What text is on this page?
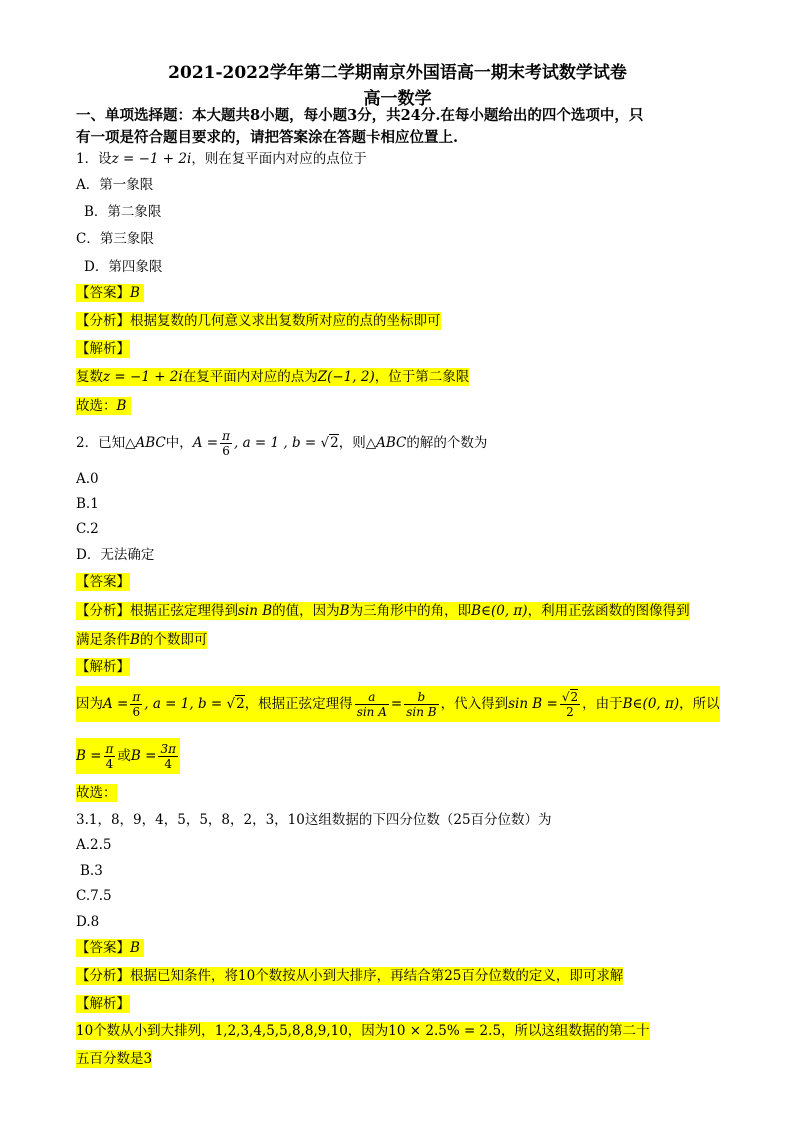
2021-2022学年第二学期南京外国语高一期末考试数学试卷
高一数学
一、单项选择题：本大题共8小题，每小题3分，共24分.在每小题给出的四个选项中，只
有一项是符合题目要求的，请把答案涂在答题卡相应位置上.
1．设z = −1 + 2i，则在复平面内对应的点位于
A．第一象限
B．第二象限
C．第三象限
D．第四象限
【答案】B
【分析】根据复数的几何意义求出复数所对应的点的坐标即可
【解析】
复数z = −1 + 2i在复平面内对应的点为Z(−1, 2)，位于第二象限
故选：B
2．已知△ABC中，$A = \frac{\pi}{6}$ , a = 1 , b = √2，则△ABC的解的个数为
A.0
B.1
C.2
D．无法确定
【答案】
【分析】根据正弦定理得到sin B的值，因为B为三角形中的角，即B∈(0, π)，利用正弦函数的图像得到
满足条件B的个数即可
【解析】
因为$A = \frac{\pi}{6}$ , a = 1, b = √2，根据正弦定理得 $\frac{a}{\text{sin A}} = \frac{b}{\text{sin B}}$ ，代入得到$\sin B = \frac{√2}{2}$ ，由于B∈(0, π)，所以
$B = \frac{\pi}{4}$ 或$B = \frac{3\pi}{4}$
故选：
3.1，8，9，4，5，5，8，2，3，10这组数据的下四分位数（25百分位数）为
A.2.5
B.3
C.7.5
D.8
【答案】B
【分析】根据已知条件，将10个数按从小到大排序，再结合第25百分位数的定义，即可求解
【解析】
10个数从小到大排列，1,2,3,4,5,5,8,8,9,10，因为10 × 2.5% = 2.5，所以这组数据的第二十
五百分数是3
